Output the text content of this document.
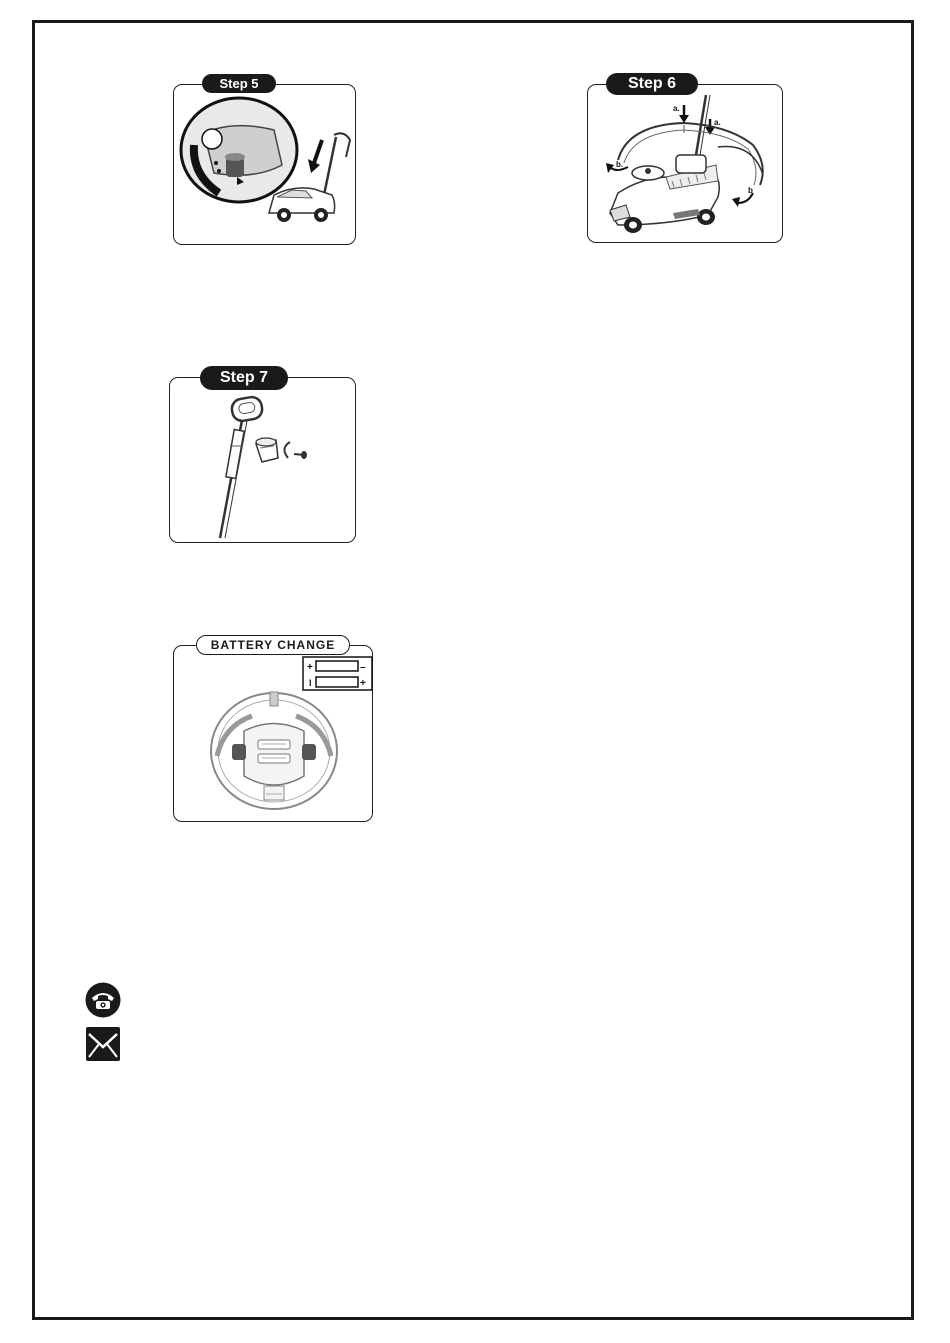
Step 5
a.
a.
b.
b
Step 6
Step 7
+	–
I	+
BATTERY CHANGE
